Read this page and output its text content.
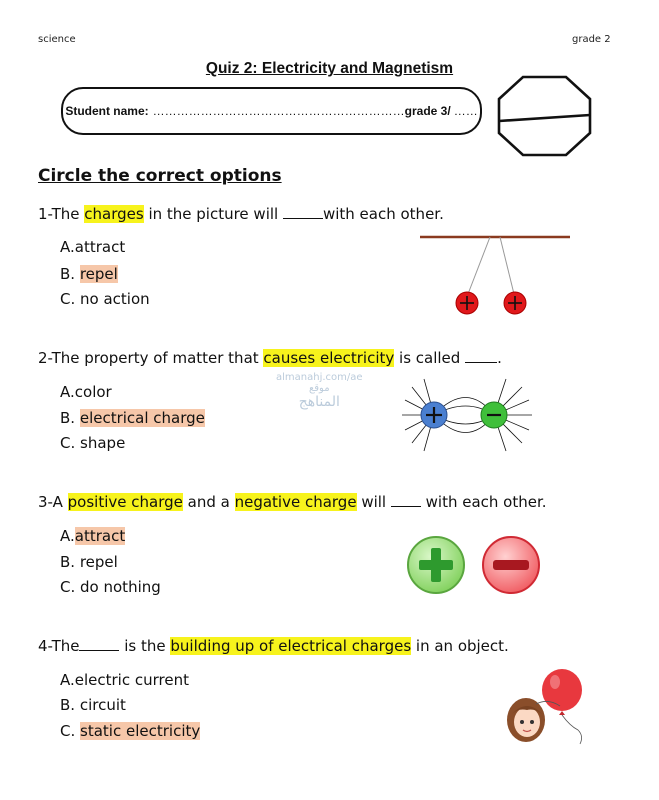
science	grade 2
Quiz 2: Electricity and Magnetism
Student name: ……………………………………………………… grade 3/ ……
Circle the correct options
1-The charges in the picture will	with each other.
A.attract
B. repel
C. no action
2-The property of matter that causes electricity is called .
A.color
B. electrical charge
C. shape
almanahj.com/ae
موقع
المناهج
3-A positive charge and a negative charge will  with each other.
A.attract
B. repel
C. do nothing
4-The	is the building up of electrical charges in an object.
A.electric current
B. circuit
C. static electricity
